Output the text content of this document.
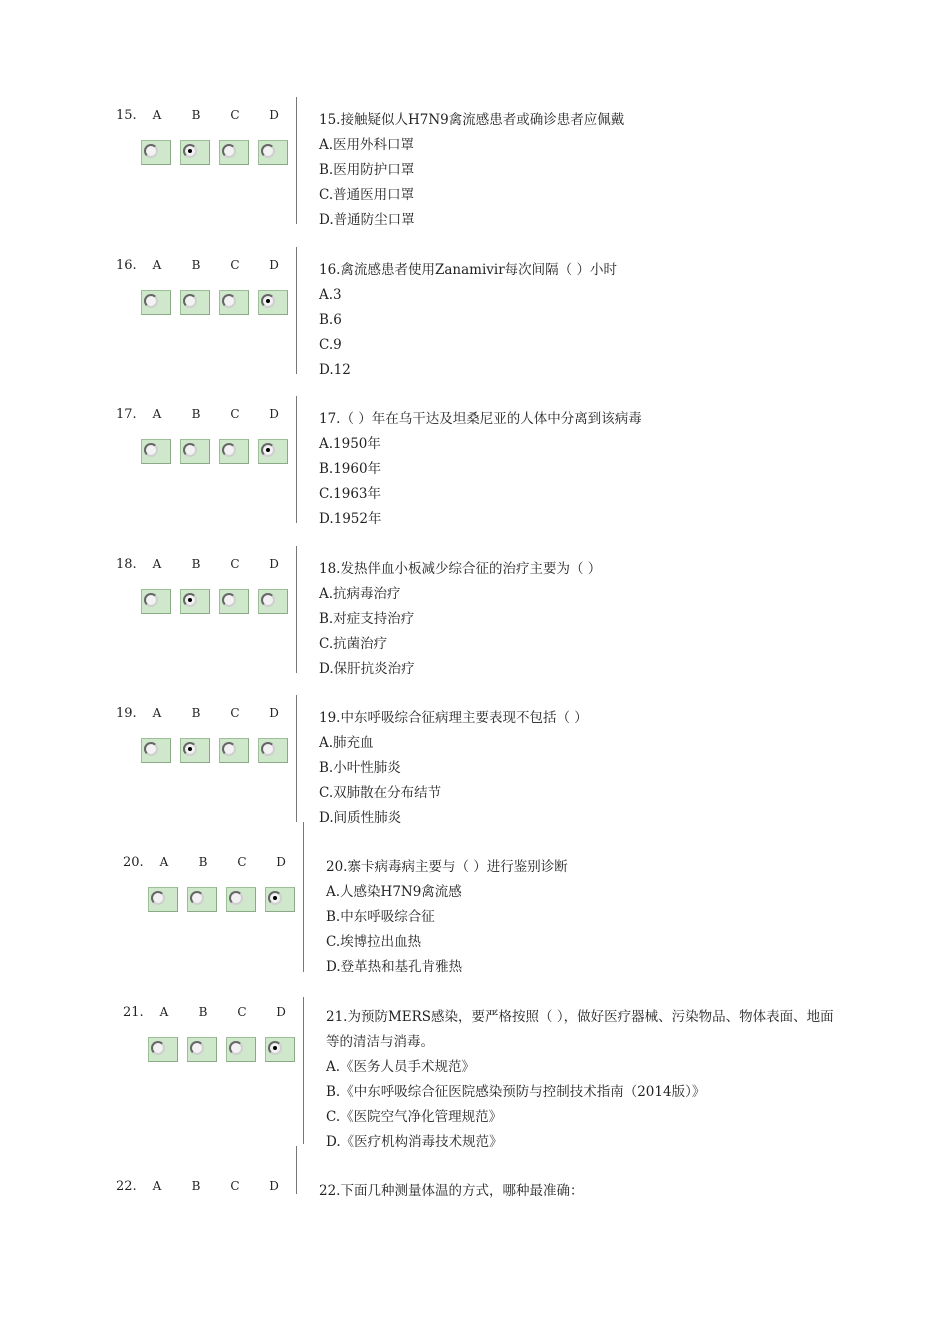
15. A	B	C D	15.接触疑似人H7N9禽流感患者或确诊患者应佩戴
A.医用外科口罩
B.医用防护口罩
C.普通医用口罩
D.普通防尘口罩
16. A	B	C D	16.禽流感患者使用Zanamivir每次间隔（ ）小时
A.3
B.6
C.9
D.12
17. A	B	C D	17.（ ）年在乌干达及坦桑尼亚的人体中分离到该病毒
A.1950年
B.1960年
C.1963年
D.1952年
18. A	B	C D	18.发热伴血小板减少综合征的治疗主要为（ ）
A.抗病毒治疗
B.对症支持治疗
C.抗菌治疗
D.保肝抗炎治疗
19. A	B	C D	19.中东呼吸综合征病理主要表现不包括（ ）
A.肺充血
B.小叶性肺炎
C.双肺散在分布结节
D.间质性肺炎
20. A	B	C D	20.寨卡病毒病主要与（ ）进行鉴别诊断
A.人感染H7N9禽流感
B.中东呼吸综合征
C.埃博拉出血热
D.登革热和基孔肯雅热
21. A	B	C D	21.为预防MERS感染，要严格按照（ ），做好医疗器械、污染物品、物体表面、地面等的清洁与消毒。
A.《医务人员手术规范》
B.《中东呼吸综合征医院感染预防与控制技术指南（2014版）》
C.《医院空气净化管理规范》
D.《医疗机构消毒技术规范》
22. A	B	C D	22.下面几种测量体温的方式，哪种最准确：
